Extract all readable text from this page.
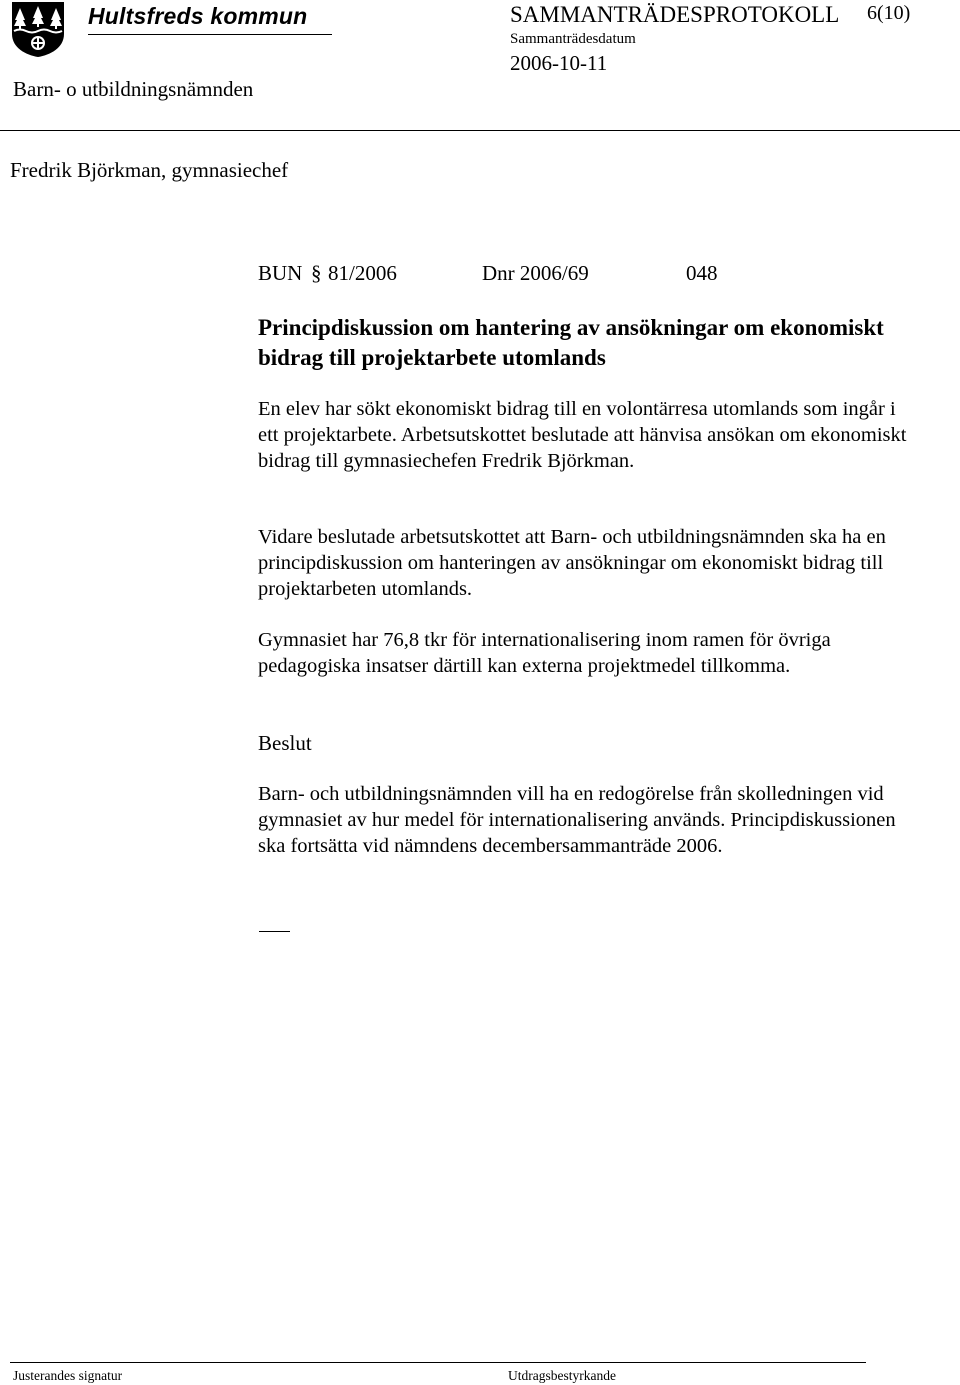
Hultsfreds kommun	SAMMANTRÄDESPROTOKOLL 6(10)
Sammanträdesdatum
2006-10-11
Barn- o utbildningsnämnden
Fredrik Björkman, gymnasiechef
BUN § 81/2006	Dnr 2006/69	048
Principdiskussion om hantering av ansökningar om ekonomiskt bidrag till projektarbete utomlands
En elev har sökt ekonomiskt bidrag till en volontärresa utomlands som ingår i ett projektarbete. Arbetsutskottet beslutade att hänvisa ansökan om ekonomiskt bidrag till gymnasiechefen Fredrik Björkman.
Vidare beslutade arbetsutskottet att Barn- och utbildningsnämnden ska ha en principdiskussion om hanteringen av ansökningar om ekonomiskt bidrag till projektarbeten utomlands.
Gymnasiet har 76,8 tkr för internationalisering inom ramen för övriga pedagogiska insatser därtill kan externa projektmedel tillkomma.
Beslut
Barn- och utbildningsnämnden vill ha en redogörelse från skolledningen vid gymnasiet av hur medel för internationalisering används. Principdiskussionen ska fortsätta vid nämndens decembersammanträde 2006.
Justerandes signatur	Utdragsbestyrkande
